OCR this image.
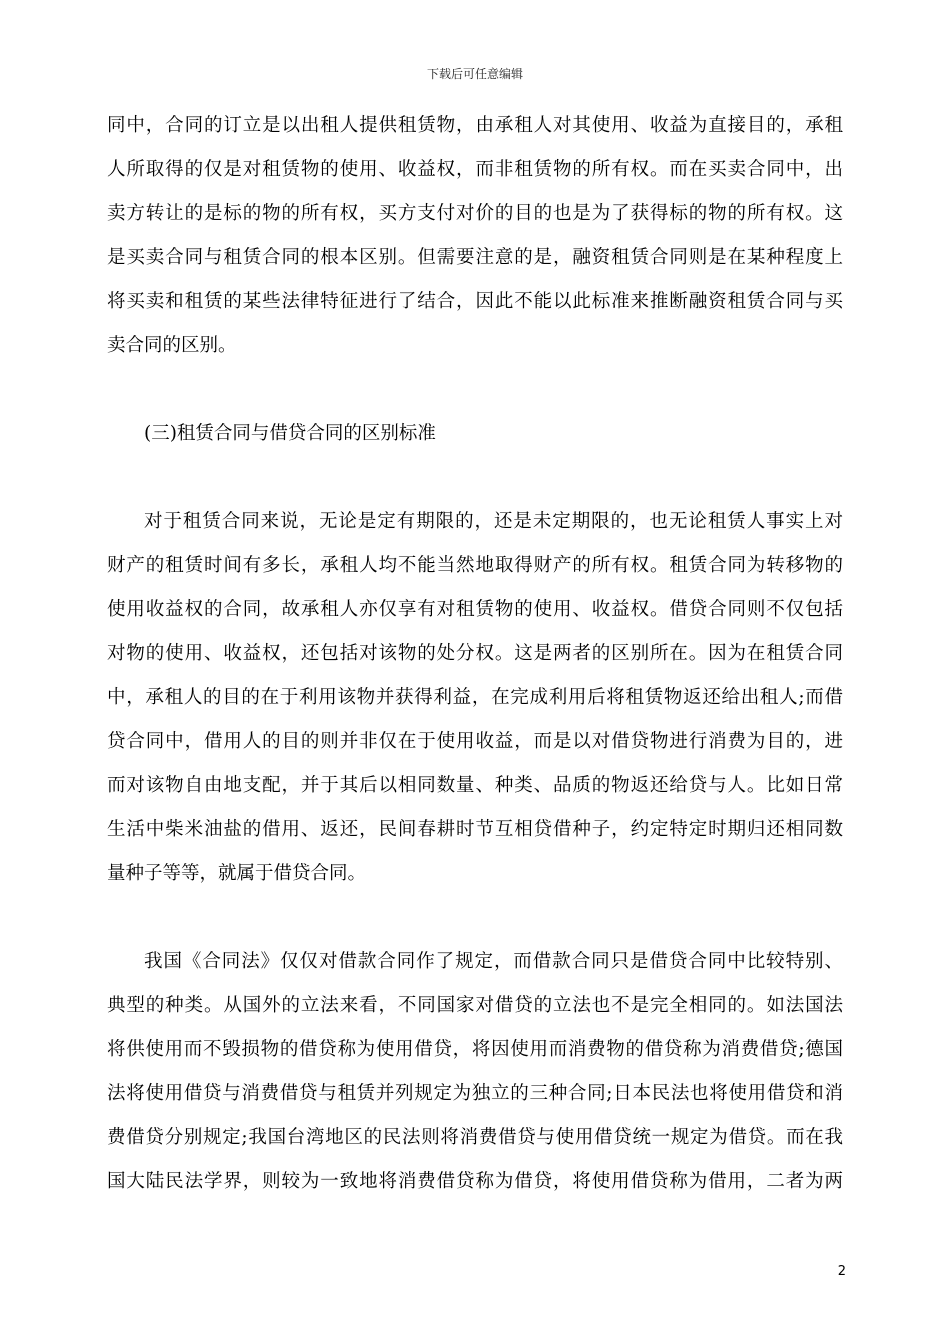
下载后可任意编辑
同中，合同的订立是以出租人提供租赁物，由承租人对其使用、收益为直接目的，承租
人所取得的仅是对租赁物的使用、收益权，而非租赁物的所有权。而在买卖合同中，出
卖方转让的是标的物的所有权，买方支付对价的目的也是为了获得标的物的所有权。这
是买卖合同与租赁合同的根本区别。但需要注意的是，融资租赁合同则是在某种程度上
将买卖和租赁的某些法律特征进行了结合，因此不能以此标准来推断融资租赁合同与买
卖合同的区别。
(三)租赁合同与借贷合同的区别标准
对于租赁合同来说，无论是定有期限的，还是未定期限的，也无论租赁人事实上对
财产的租赁时间有多长，承租人均不能当然地取得财产的所有权。租赁合同为转移物的
使用收益权的合同，故承租人亦仅享有对租赁物的使用、收益权。借贷合同则不仅包括
对物的使用、收益权，还包括对该物的处分权。这是两者的区别所在。因为在租赁合同
中，承租人的目的在于利用该物并获得利益，在完成利用后将租赁物返还给出租人;而借
贷合同中，借用人的目的则并非仅在于使用收益，而是以对借贷物进行消费为目的，进
而对该物自由地支配，并于其后以相同数量、种类、品质的物返还给贷与人。比如日常
生活中柴米油盐的借用、返还，民间春耕时节互相贷借种子，约定特定时期归还相同数
量种子等等，就属于借贷合同。
我国《合同法》仅仅对借款合同作了规定，而借款合同只是借贷合同中比较特别、
典型的种类。从国外的立法来看，不同国家对借贷的立法也不是完全相同的。如法国法
将供使用而不毁损物的借贷称为使用借贷，将因使用而消费物的借贷称为消费借贷;德国
法将使用借贷与消费借贷与租赁并列规定为独立的三种合同;日本民法也将使用借贷和消
费借贷分别规定;我国台湾地区的民法则将消费借贷与使用借贷统一规定为借贷。而在我
国大陆民法学界，则较为一致地将消费借贷称为借贷，将使用借贷称为借用，二者为两
2
